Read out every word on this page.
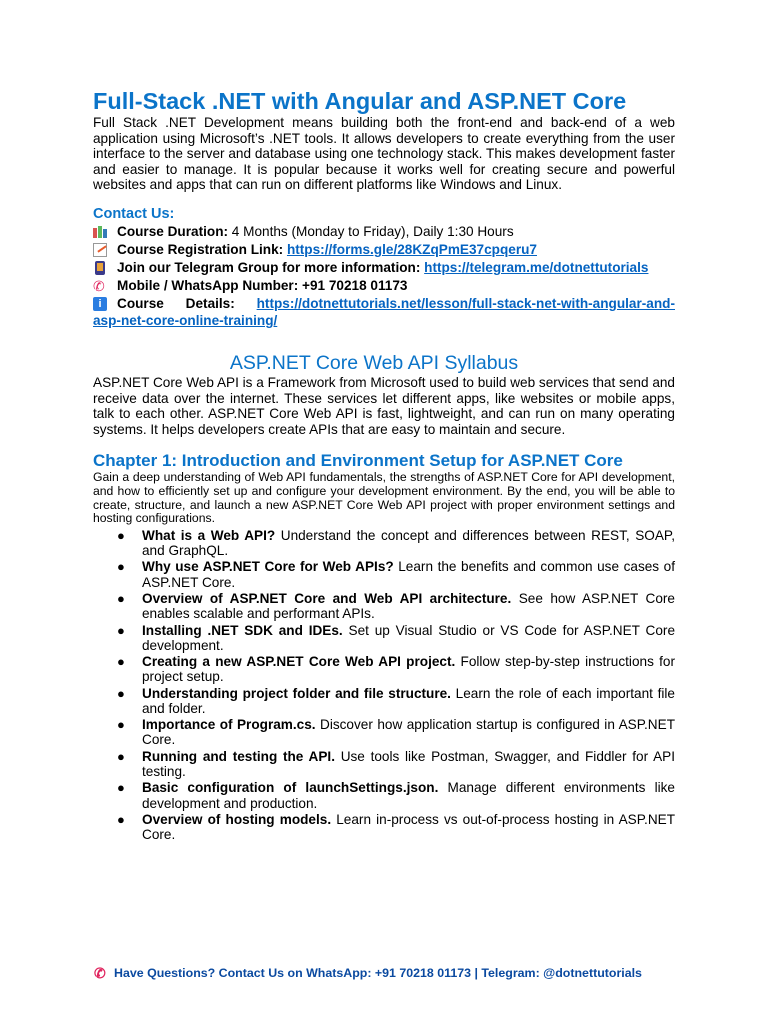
Full-Stack .NET with Angular and ASP.NET Core

Full Stack .NET Development means building both the front-end and back-end of a web application using Microsoft’s .NET tools. It allows developers to create everything from the user interface to the server and database using one technology stack. This makes development faster and easier to manage. It is popular because it works well for creating secure and powerful websites and apps that can run on different platforms like Windows and Linux.

Contact Us:
Course Duration: 4 Months (Monday to Friday), Daily 1:30 Hours
Course Registration Link: https://forms.gle/28KZqPmE37cpqeru7
Join our Telegram Group for more information: https://telegram.me/dotnettutorials
✆ Mobile / WhatsApp Number: +91 70218 01173
i	Course Details: https://dotnettutorials.net/lesson/full-stack-net-with-angular-and-
asp-net-core-online-training/
ASP.NET Core Web API Syllabus

ASP.NET Core Web API is a Framework from Microsoft used to build web services that send and receive data over the internet. These services let different apps, like websites or mobile apps, talk to each other. ASP.NET Core Web API is fast, lightweight, and can run on many operating systems. It helps developers create APIs that are easy to maintain and secure.

Chapter 1: Introduction and Environment Setup for ASP.NET Core

Gain a deep understanding of Web API fundamentals, the strengths of ASP.NET Core for API development, and how to efficiently set up and configure your development environment. By the end, you will be able to create, structure, and launch a new ASP.NET Core Web API project with proper environment settings and hosting configurations.

● What is a Web API? Understand the concept and differences between REST, SOAP, and GraphQL.
● Why use ASP.NET Core for Web APIs? Learn the benefits and common use cases of ASP.NET Core.
● Overview of ASP.NET Core and Web API architecture. See how ASP.NET Core enables scalable and performant APIs.
● Installing .NET SDK and IDEs. Set up Visual Studio or VS Code for ASP.NET Core development.
● Creating a new ASP.NET Core Web API project. Follow step-by-step instructions for project setup.
● Understanding project folder and file structure. Learn the role of each important file and folder.
● Importance of Program.cs. Discover how application startup is configured in ASP.NET Core.
● Running and testing the API. Use tools like Postman, Swagger, and Fiddler for API testing.
● Basic configuration of launchSettings.json. Manage different environments like development and production.
● Overview of hosting models. Learn in-process vs out-of-process hosting in ASP.NET Core.
✆ Have Questions? Contact Us on WhatsApp: +91 70218 01173 | Telegram: @dotnettutorials
